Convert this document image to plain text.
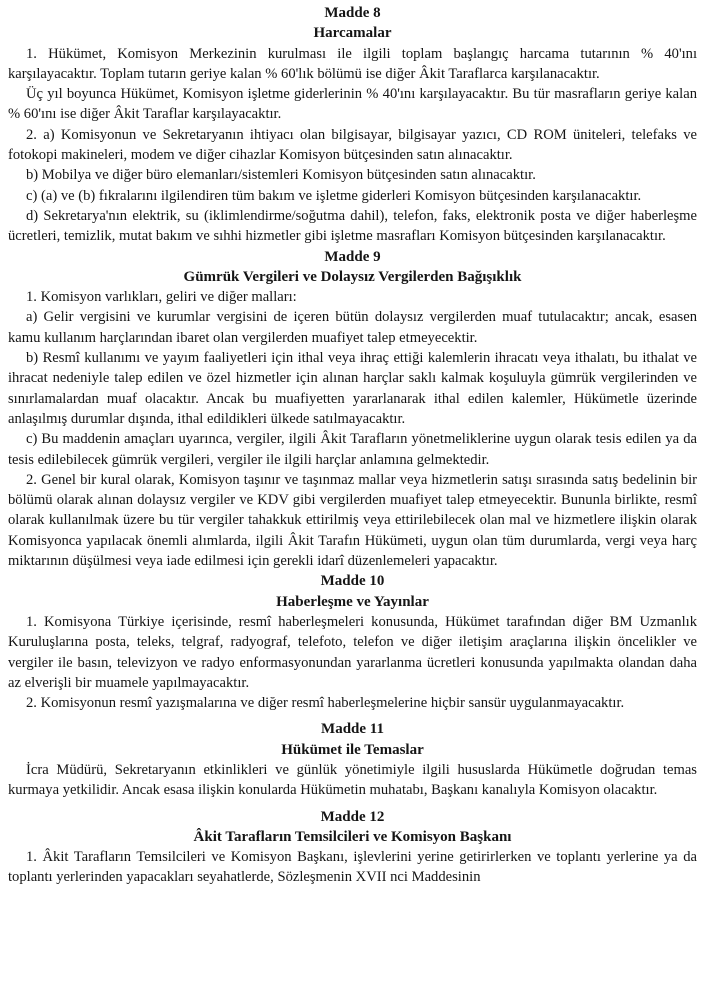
Madde 8

Harcamalar

1. Hükümet, Komisyon Merkezinin kurulması ile ilgili toplam başlangıç harcama tutarının % 40'ını karşılayacaktır. Toplam tutarın geriye kalan % 60'lık bölümü ise diğer Âkit Taraflarca karşılanacaktır.

Üç yıl boyunca Hükümet, Komisyon işletme giderlerinin % 40'ını karşılayacaktır. Bu tür masrafların geriye kalan % 60'ını ise diğer Âkit Taraflar karşılayacaktır.

2. a) Komisyonun ve Sekretaryanın ihtiyacı olan bilgisayar, bilgisayar yazıcı, CD ROM üniteleri, telefaks ve fotokopi makineleri, modem ve diğer cihazlar Komisyon bütçesinden satın alınacaktır.

b) Mobilya ve diğer büro elemanları/sistemleri Komisyon bütçesinden satın alınacaktır.

c) (a) ve (b) fıkralarını ilgilendiren tüm bakım ve işletme giderleri Komisyon bütçesinden karşılanacaktır.

d) Sekretarya'nın elektrik, su (iklimlendirme/soğutma dahil), telefon, faks, elektronik posta ve diğer haberleşme ücretleri, temizlik, mutat bakım ve sıhhi hizmetler gibi işletme masrafları Komisyon bütçesinden karşılanacaktır.

Madde 9

Gümrük Vergileri ve Dolaysız Vergilerden Bağışıklık

1. Komisyon varlıkları, geliri ve diğer malları:

a) Gelir vergisini ve kurumlar vergisini de içeren bütün dolaysız vergilerden muaf tutulacaktır; ancak, esasen kamu kullanım harçlarından ibaret olan vergilerden muafiyet talep etmeyecektir.

b) Resmî kullanımı ve yayım faaliyetleri için ithal veya ihraç ettiği kalemlerin ihracatı veya ithalatı, bu ithalat ve ihracat nedeniyle talep edilen ve özel hizmetler için alınan harçlar saklı kalmak koşuluyla gümrük vergilerinden ve sınırlamalardan muaf olacaktır. Ancak bu muafiyetten yararlanarak ithal edilen kalemler, Hükümetle üzerinde anlaşılmış durumlar dışında, ithal edildikleri ülkede satılmayacaktır.

c) Bu maddenin amaçları uyarınca, vergiler, ilgili Âkit Tarafların yönetmeliklerine uygun olarak tesis edilen ya da tesis edilebilecek gümrük vergileri, vergiler ile ilgili harçlar anlamına gelmektedir.

2. Genel bir kural olarak, Komisyon taşınır ve taşınmaz mallar veya hizmetlerin satışı sırasında satış bedelinin bir bölümü olarak alınan dolaysız vergiler ve KDV gibi vergilerden muafiyet talep etmeyecektir. Bununla birlikte, resmî olarak kullanılmak üzere bu tür vergiler tahakkuk ettirilmiş veya ettirilebilecek olan mal ve hizmetlere ilişkin olarak Komisyonca yapılacak önemli alımlarda, ilgili Âkit Tarafın Hükümeti, uygun olan tüm durumlarda, vergi veya harç miktarının düşülmesi veya iade edilmesi için gerekli idarî düzenlemeleri yapacaktır.

Madde 10

Haberleşme ve Yayınlar

1. Komisyona Türkiye içerisinde, resmî haberleşmeleri konusunda, Hükümet tarafından diğer BM Uzmanlık Kuruluşlarına posta, teleks, telgraf, radyograf, telefoto, telefon ve diğer iletişim araçlarına ilişkin öncelikler ve vergiler ile basın, televizyon ve radyo enformasyonundan yararlanma ücretleri konusunda yapılmakta olandan daha az elverişli bir muamele yapılmayacaktır.

2. Komisyonun resmî yazışmalarına ve diğer resmî haberleşmelerine hiçbir sansür uygulanmayacaktır.

Madde 11

Hükümet ile Temaslar

İcra Müdürü, Sekretaryanın etkinlikleri ve günlük yönetimiyle ilgili hususlarda Hükümetle doğrudan temas kurmaya yetkilidir. Ancak esasa ilişkin konularda Hükümetin muhatabı, Başkanı kanalıyla Komisyon olacaktır.

Madde 12

Âkit Tarafların Temsilcileri ve Komisyon Başkanı

1. Âkit Tarafların Temsilcileri ve Komisyon Başkanı, işlevlerini yerine getirirlerken ve toplantı yerlerine ya da toplantı yerlerinden yapacakları seyahatlerde, Sözleşmenin XVII nci Maddesinin
